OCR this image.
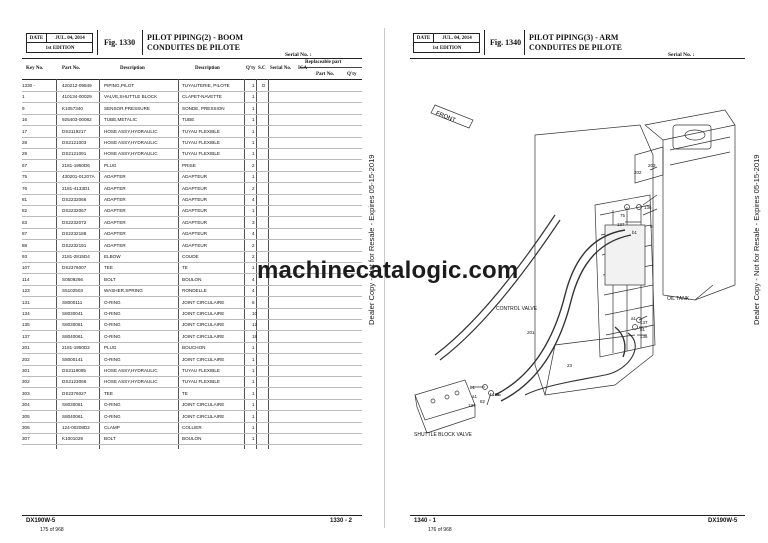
DATE	JUL. 04, 2014
1st EDITION
Fig. 1330
PILOT PIPING(2) - BOOM
CONDUITES DE PILOTE
Serial No. :
Replaceable part
Key No.	Part No.	Description	Description	Q'ty S.C Serial No. ICA
Part No.	Q'ty
1330 -	420212-09849	PIPING,PILOT	TUYAUTERIE, PILOTE	1 D
1	410134-00029	VALVE,SHUTTLE BLOCK	CLAPET-NAVETTE	1
9	K1057340	SENSOR,PRESSURE	SONDE, PRESSION	1
16	925403-00082	TUBE,METALIC	TUBE	1
17	DS2119217	HOSE ASSY,HYDRAULIC	TUYAU FLEXIBLE	1
28	DS2121003	HOSE ASSY,HYDRAULIC	TUYAU FLEXIBLE	1
29	DS2121091	HOSE ASSY,HYDRAULIC	TUYAU FLEXIBLE	1
67	2181-1950D6	PLUG	PRISE	2
75	430201-01207A ADAPTER	ADAPTEUR	1
76	2181-4133D1	ADAPTER	ADAPTEUR	2
81	DS2232066	ADAPTER	ADAPTEUR	4
82	DS2232067	ADAPTER	ADAPTEUR	1
83	DS2232072	ADAPTER	ADAPTEUR	3
87	DS2232188	ADAPTER	ADAPTEUR	4
88	DS2232191	ADAPTER	ADAPTEUR	2
93	2181-2815D4	ELBOW	COUDE	2
107	DS2376007	TEE	TE	1
114	S0509266	BOLT	BOULON	4
123	S5102503	WASHER,SPRING	RONDELLE	4
131	S8000111	O-RING	JOINT CIRCULAIRE	6
134	S8030041	O-RING	JOINT CIRCULAIRE	10
135	S8030061	O-RING	JOINT CIRCULAIRE	12
137	S8040061	O-RING	JOINT CIRCULAIRE	18
201	2181-1950D2	PLUG	BOUCHON	1
202	S8000141	O-RING	JOINT CIRCULAIRE	1
301	DS2119095	HOSE ASSY,HYDRAULIC	TUYAU FLEXIBLE	1
302	DS2123066	HOSE ASSY,HYDRAULIC	TUYAU FLEXIBLE	1
303	DS2376027	TEE	TE	1
304	S8030061	O-RING	JOINT CIRCULAIRE	1
305	S8040061	O-RING	JOINT CIRCULAIRE	1
306	124-00208D2	CLAMP	COLLIER	1
307	K1001029	BOLT	BOULON	1
DX190W-5
175 of 968
1330 - 2
Dealer Copy - Not for Resale - Expires 05-15-2019
DATE	JUL. 04, 2014
1st EDITION
Fig. 1340
PILOT PIPING(3) - ARM
CONDUITES DE PILOTE
Serial No. :
FRONT
OIL TANK
CONTROL VALVE
SHUTTLE BLOCK VALVE
202
203
136
9
75
137
b1
a1
137
81
136
201
23
b1
a1	136
82
137
1340 - 1
176 of 968
DX190W-5
Dealer Copy - Not for Resale - Expires 05-15-2019
machinecatalogic.com
